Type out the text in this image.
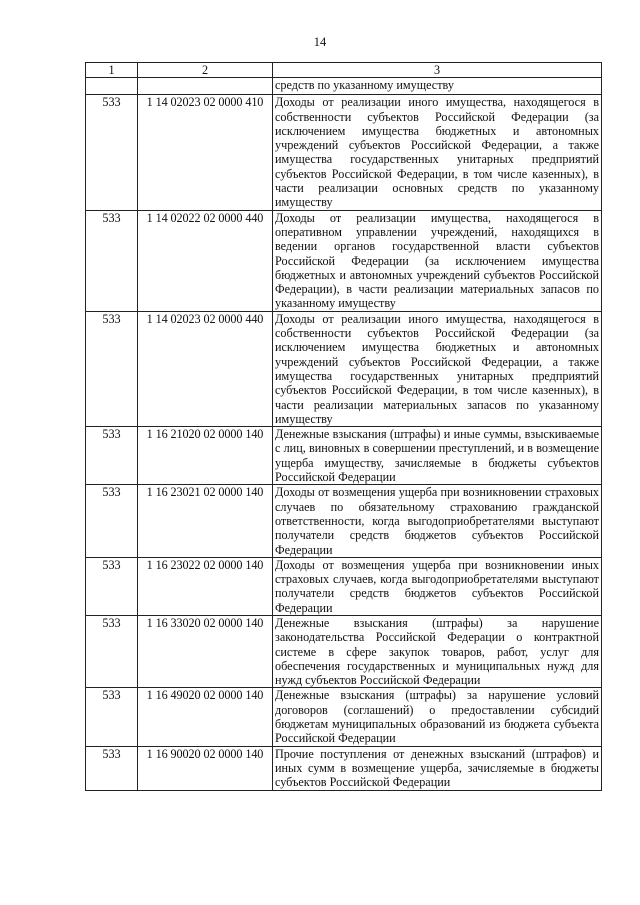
14
1	2	3
		средств по указанному имуществу
533	1 14 02023 02 0000 410	Доходы от реализации иного имущества, находящегося в собственности субъектов Российской Федерации (за исключением имущества бюджетных и автономных учреждений субъектов Российской Федерации, а также имущества государственных унитарных предприятий субъектов Российской Федерации, в том числе казенных), в части реализации основных средств по указанному имуществу
533	1 14 02022 02 0000 440	Доходы от реализации имущества, находящегося в оперативном управлении учреждений, находящихся в ведении органов государственной власти субъектов Российской Федерации (за исключением имущества бюджетных и автономных учреждений субъектов Российской Федерации), в части реализации материальных запасов по указанному имуществу
533	1 14 02023 02 0000 440	Доходы от реализации иного имущества, находящегося в собственности субъектов Российской Федерации (за исключением имущества бюджетных и автономных учреждений субъектов Российской Федерации, а также имущества государственных унитарных предприятий субъектов Российской Федерации, в том числе казенных), в части реализации материальных запасов по указанному имуществу
533	1 16 21020 02 0000 140	Денежные взыскания (штрафы) и иные суммы, взыскиваемые с лиц, виновных в совершении преступлений, и в возмещение ущерба имуществу, зачисляемые в бюджеты субъектов Российской Федерации
533	1 16 23021 02 0000 140	Доходы от возмещения ущерба при возникновении страховых случаев по обязательному страхованию гражданской ответственности, когда выгодоприобретателями выступают получатели средств бюджетов субъектов Российской Федерации
533	1 16 23022 02 0000 140	Доходы от возмещения ущерба при возникновении иных страховых случаев, когда выгодоприобретателями выступают получатели средств бюджетов субъектов Российской Федерации
533	1 16 33020 02 0000 140	Денежные взыскания (штрафы) за нарушение законодательства Российской Федерации о контрактной системе в сфере закупок товаров, работ, услуг для обеспечения государственных и муниципальных нужд для нужд субъектов Российской Федерации
533	1 16 49020 02 0000 140	Денежные взыскания (штрафы) за нарушение условий договоров (соглашений) о предоставлении субсидий бюджетам муниципальных образований из бюджета субъекта Российской Федерации
533	1 16 90020 02 0000 140	Прочие поступления от денежных взысканий (штрафов) и иных сумм в возмещение ущерба, зачисляемые в бюджеты субъектов Российской Федерации
